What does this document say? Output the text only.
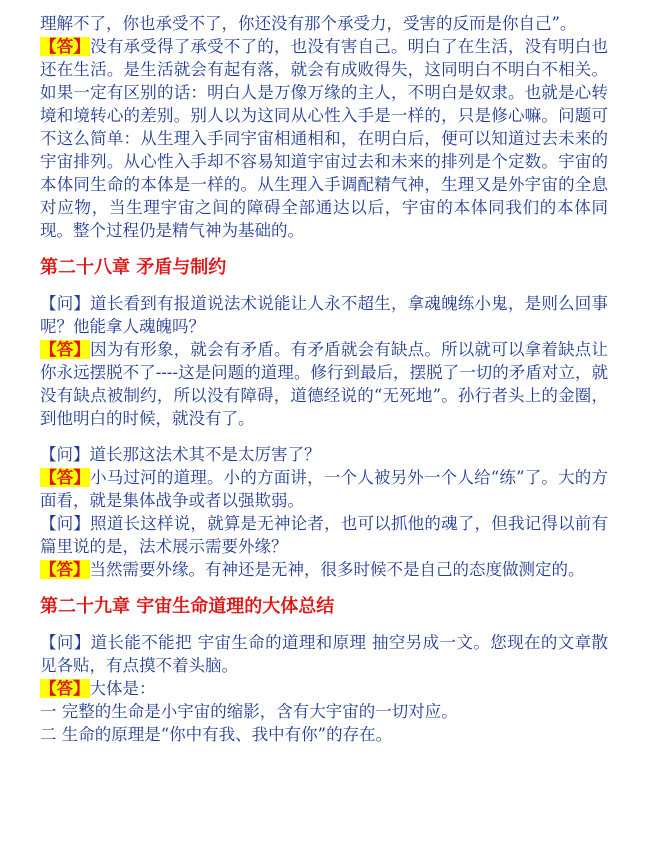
理解不了，你也承受不了，你还没有那个承受力，受害的反而是你自己”。

【答】没有承受得了承受不了的，也没有害自己。明白了在生活，没有明白也还在生活。是生活就会有起有落，就会有成败得失，这同明白不明白不相关。如果一定有区别的话：明白人是万像万缘的主人，不明白是奴隶。也就是心转境和境转心的差别。别人以为这同从心性入手是一样的，只是修心嘛。问题可不这么简单：从生理入手同宇宙相通相和，在明白后，便可以知道过去未来的宇宙排列。从心性入手却不容易知道宇宙过去和未来的排列是个定数。宇宙的本体同生命的本体是一样的。从生理入手调配精气神，生理又是外宇宙的全息对应物，当生理宇宙之间的障碍全部通达以后，宇宙的本体同我们的本体同现。整个过程仍是精气神为基础的。

第二十八章 矛盾与制约

【问】道长看到有报道说法术说能让人永不超生，拿魂魄练小鬼，是则么回事呢？他能拿人魂魄吗？

【答】因为有形象，就会有矛盾。有矛盾就会有缺点。所以就可以拿着缺点让你永远摆脱不了----这是问题的道理。修行到最后，摆脱了一切的矛盾对立，就没有缺点被制约，所以没有障碍，道德经说的“无死地”。孙行者头上的金圈，到他明白的时候，就没有了。

【问】道长那这法术其不是太厉害了？

【答】小马过河的道理。小的方面讲，一个人被另外一个人给“练”了。大的方面看，就是集体战争或者以强欺弱。

【问】照道长这样说，就算是无神论者，也可以抓他的魂了，但我记得以前有篇里说的是，法术展示需要外缘？

【答】当然需要外缘。有神还是无神，很多时候不是自己的态度做测定的。

第二十九章 宇宙生命道理的大体总结

【问】道长能不能把 宇宙生命的道理和原理 抽空另成一文。您现在的文章散见各贴，有点摸不着头脑。

【答】大体是：

一 完整的生命是小宇宙的缩影，含有大宇宙的一切对应。

二 生命的原理是“你中有我、我中有你”的存在。
